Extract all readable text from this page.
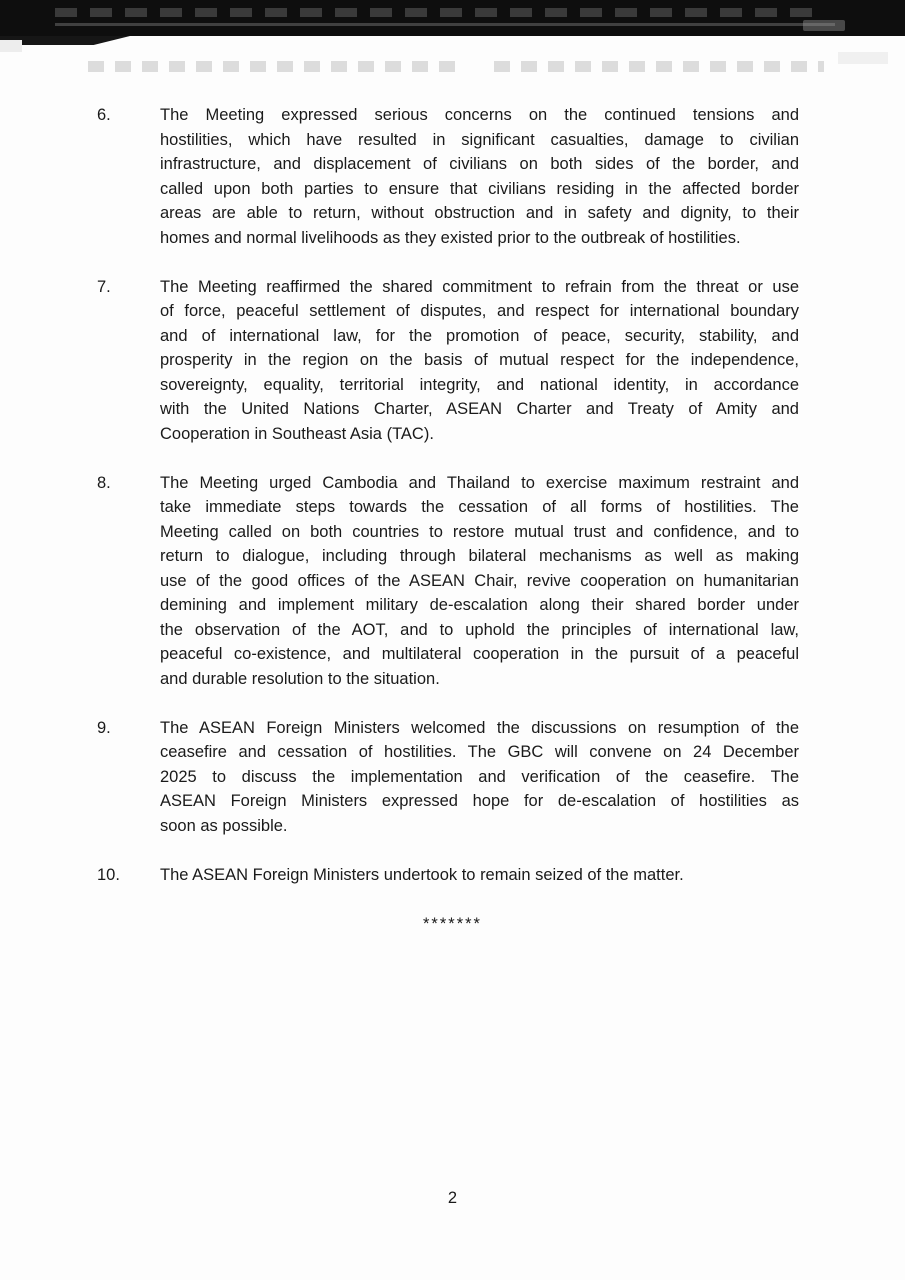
6.	The Meeting expressed serious concerns on the continued tensions and
hostilities, which have resulted in significant casualties, damage to civilian
infrastructure, and displacement of civilians on both sides of the border, and
called upon both parties to ensure that civilians residing in the affected border
areas are able to return, without obstruction and in safety and dignity, to their
homes and normal livelihoods as they existed prior to the outbreak of hostilities.
7.	The Meeting reaffirmed the shared commitment to refrain from the threat or use
of force, peaceful settlement of disputes, and respect for international boundary
and of international law, for the promotion of peace, security, stability, and
prosperity in the region on the basis of mutual respect for the independence,
sovereignty, equality, territorial integrity, and national identity, in accordance
with the United Nations Charter, ASEAN Charter and Treaty of Amity and
Cooperation in Southeast Asia (TAC).
8.	The Meeting urged Cambodia and Thailand to exercise maximum restraint and
take immediate steps towards the cessation of all forms of hostilities. The
Meeting called on both countries to restore mutual trust and confidence, and to
return to dialogue, including through bilateral mechanisms as well as making
use of the good offices of the ASEAN Chair, revive cooperation on humanitarian
demining and implement military de-escalation along their shared border under
the observation of the AOT, and to uphold the principles of international law,
peaceful co-existence, and multilateral cooperation in the pursuit of a peaceful
and durable resolution to the situation.
9.	The ASEAN Foreign Ministers welcomed the discussions on resumption of the
ceasefire and cessation of hostilities. The GBC will convene on 24 December
2025 to discuss the implementation and verification of the ceasefire. The
ASEAN Foreign Ministers expressed hope for de-escalation of hostilities as
soon as possible.
10.	The ASEAN Foreign Ministers undertook to remain seized of the matter.
*******
2
